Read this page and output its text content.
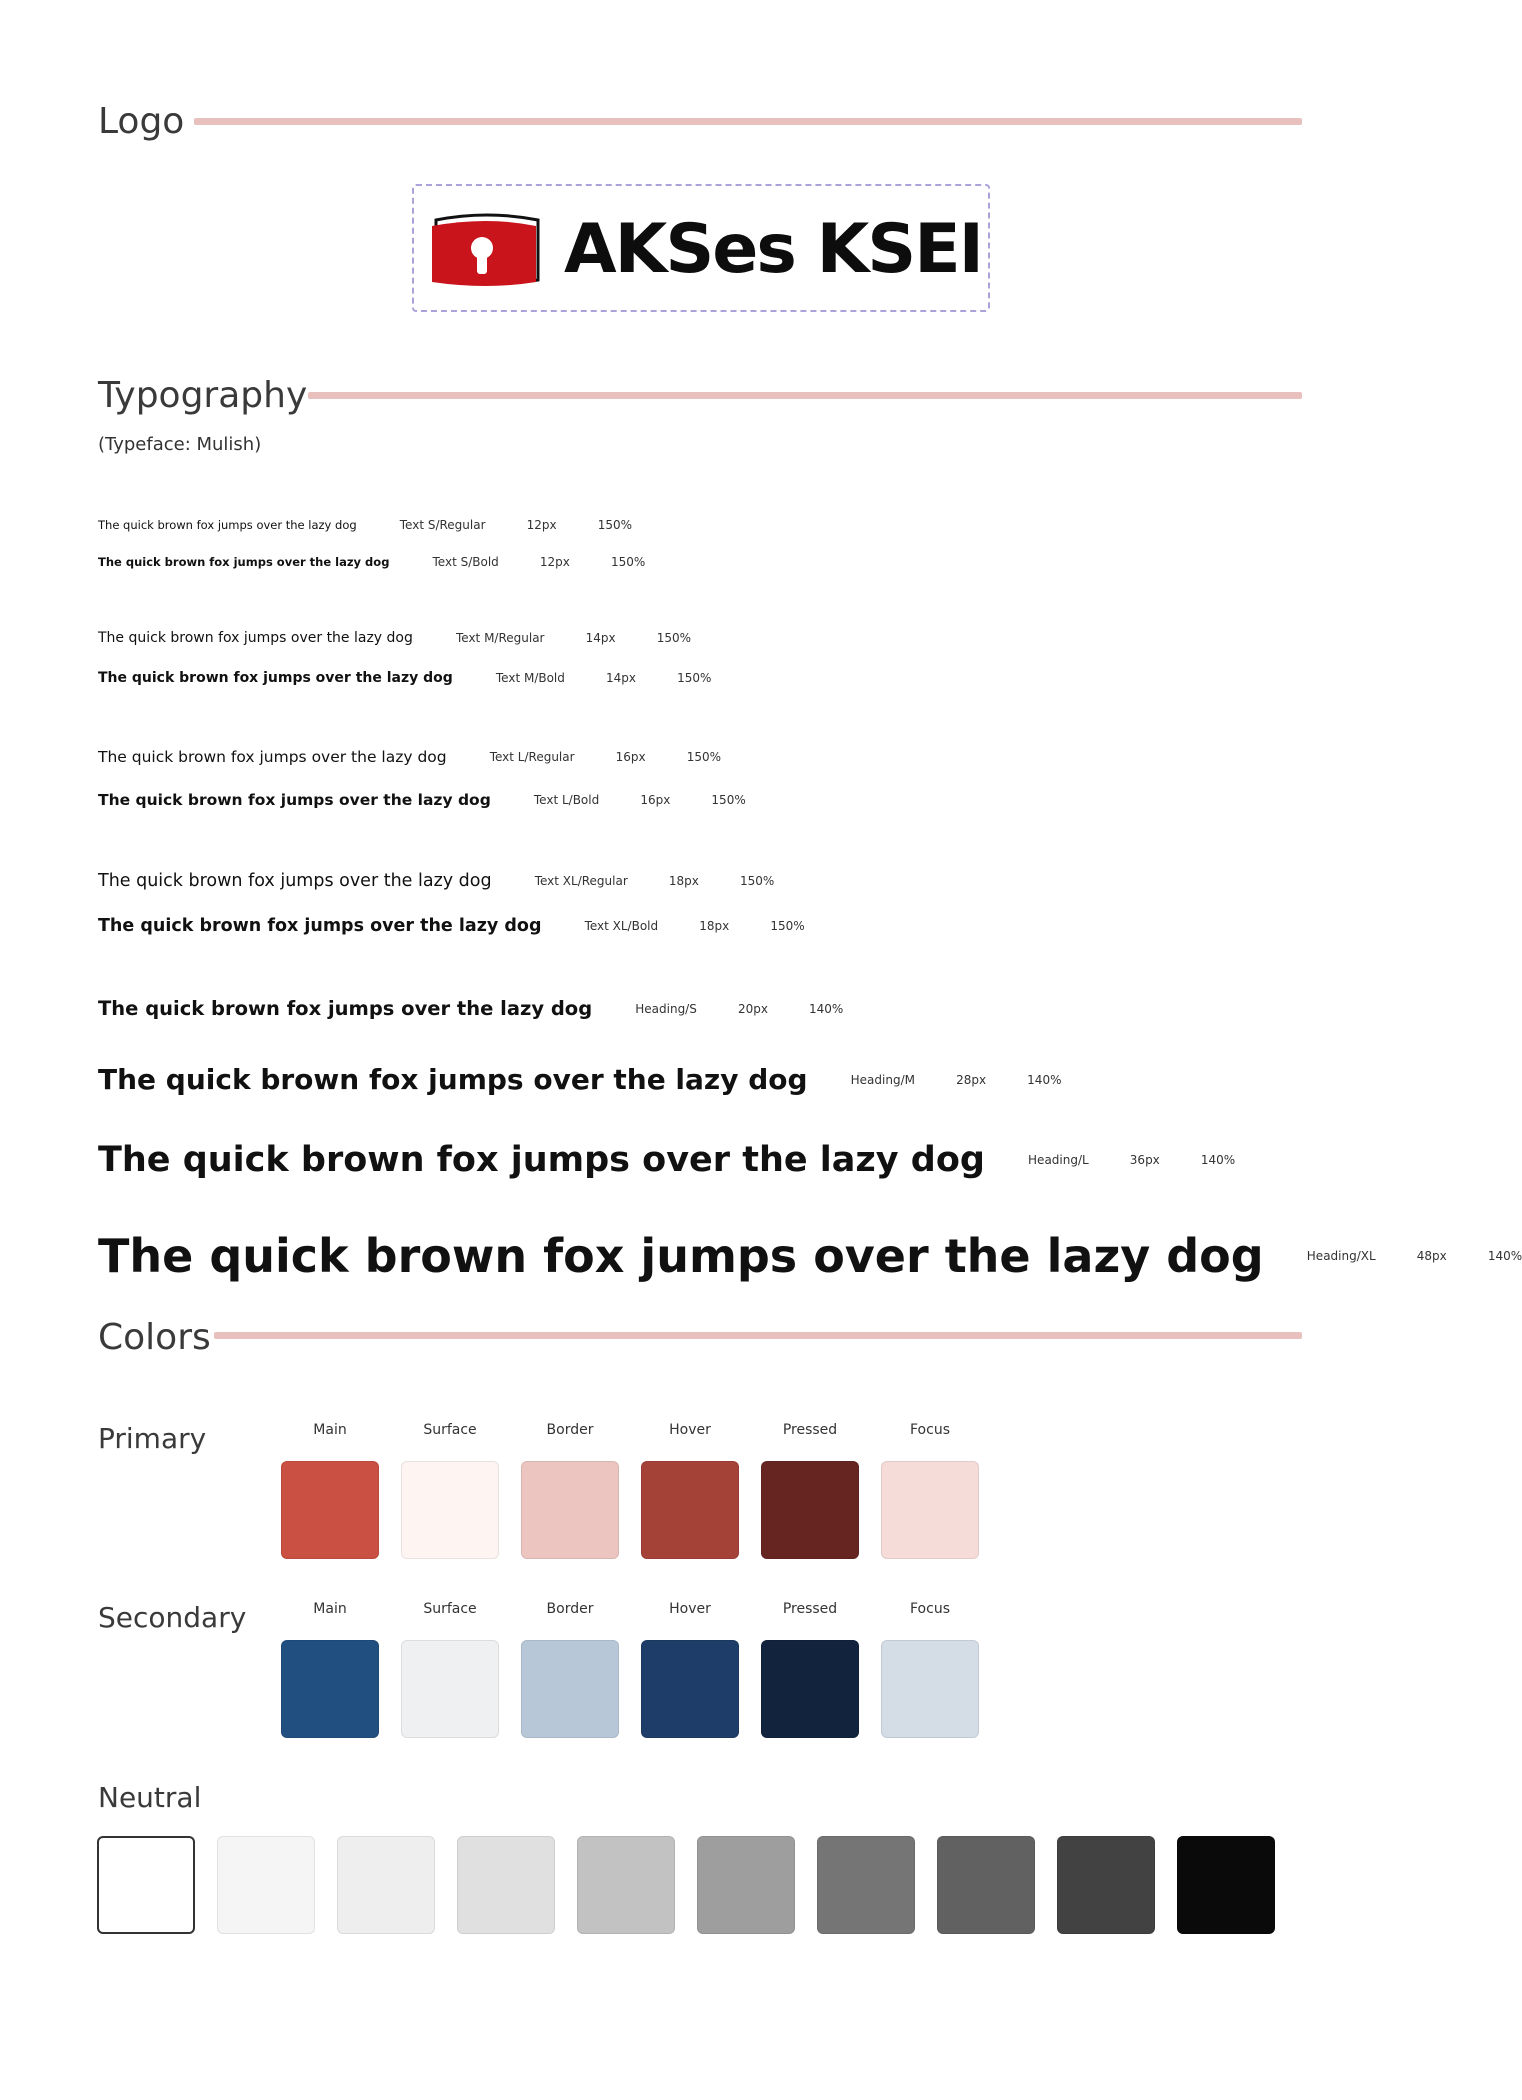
Logo
AKSes KSEI
Typography
(Typeface: Mulish)
The quick brown fox jumps over the lazy dog	Text S/Regular	12px	150%
The quick brown fox jumps over the lazy dog	Text S/Bold	12px	150%
The quick brown fox jumps over the lazy dog	Text M/Regular	14px	150%
The quick brown fox jumps over the lazy dog	Text M/Bold	14px	150%
The quick brown fox jumps over the lazy dog	Text L/Regular	16px	150%
The quick brown fox jumps over the lazy dog	Text L/Bold	16px	150%
The quick brown fox jumps over the lazy dog	Text XL/Regular	18px	150%
The quick brown fox jumps over the lazy dog	Text XL/Bold	18px	150%
The quick brown fox jumps over the lazy dog	Heading/S	20px	140%
The quick brown fox jumps over the lazy dog	Heading/M	28px	140%
The quick brown fox jumps over the lazy dog	Heading/L	36px	140%
The quick brown fox jumps over the lazy dog	Heading/XL	48px	140%
Colors
Primary	Main	Surface	Border	Hover	Pressed	Focus
Secondary	Main	Surface	Border	Hover	Pressed	Focus
Neutral
